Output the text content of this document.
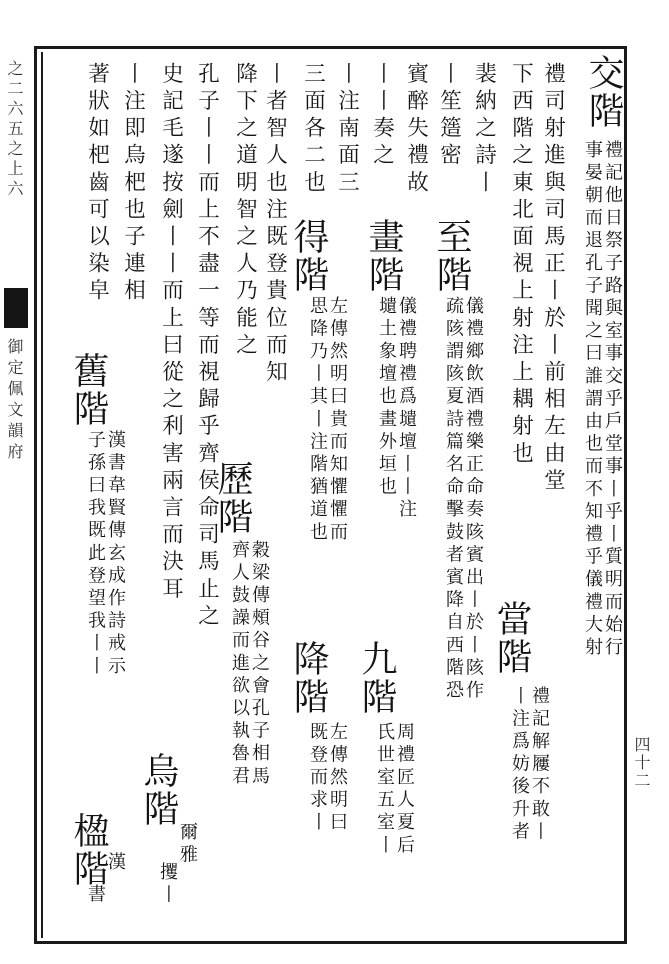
之二六五之上六
御定佩文韻府
四十二
交階
禮記他日祭子路與室事交乎戶堂事丨乎丨質明而始行
事晏朝而退孔子聞之曰誰謂由也而不知禮乎儀禮大射
禮司射進與司馬正丨於丨前相左由堂
下西階之東北面視上射注上耦射也
當階
禮記解屨不敢丨
丨注爲妨後升者
裴納之詩丨
至階
儀禮鄉飲酒禮樂正命奏陔賓出丨於丨陔作
疏陔謂陔夏詩篇名命擊鼓者賓降自西階恐
丨笙簉密
賓醉失禮故
畫階
儀禮聘禮爲壝壇丨丨注
壝土象壇也畫外垣也
九階
周禮匠人夏后
氏世室五室丨
丨丨奏之
丨注南面三
得階
左傳然明曰貴而知懼懼而
思降乃丨其丨注階猶道也
降階
左傳然明曰
既登而求丨
三面各二也
丨者智人也注既登貴位而知
降下之道明智之人乃能之
歷階
穀梁傳頰谷之會孔子相馬
齊人鼓譟而進欲以執魯君
孔子丨丨而上不盡一等而視歸乎齊侯命司馬止之
史記毛遂按劍丨丨而上曰從之利害兩言而決耳
烏階
爾雅
攫丨
丨注即烏杷也子連相
舊階
漢書韋賢傳玄成作詩戒示
子孫曰我既此登望我丨丨
著狀如杷齒可以染皁
楹階
漢
書
